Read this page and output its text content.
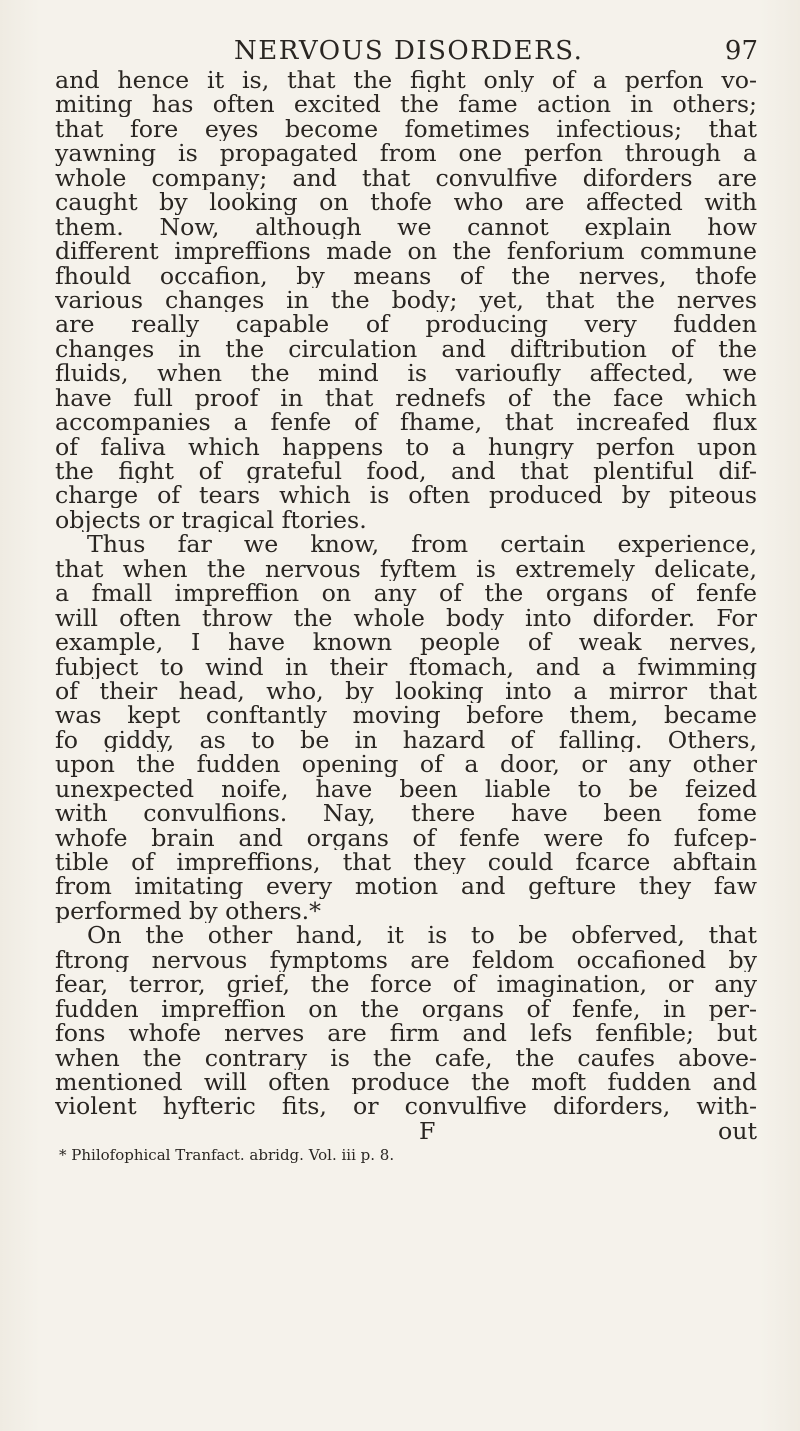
NERVOUS DISORDERS.	97
and hence it is, that the fight only of a perfon vo-
miting has often excited the fame action in others;
that fore eyes become fometimes infectious; that
yawning is propagated from one perfon through a
whole company; and that convulfive diforders are
caught by looking on thofe who are affected with
them. Now, although we cannot explain how
different impreffions made on the fenforium commune
fhould occafion, by means of the nerves, thofe
various changes in the body; yet, that the nerves
are really capable of producing very fudden
changes in the circulation and diftribution of the
fluids, when the mind is varioufly affected, we
have full proof in that rednefs of the face which
accompanies a fenfe of fhame, that increafed flux
of faliva which happens to a hungry perfon upon
the fight of grateful food, and that plentiful dif-
charge of tears which is often produced by piteous
objects or tragical ftories.
Thus far we know, from certain experience,
that when the nervous fyftem is extremely delicate,
a fmall impreffion on any of the organs of fenfe
will often throw the whole body into diforder. For
example, I have known people of weak nerves,
fubject to wind in their ftomach, and a fwimming
of their head, who, by looking into a mirror that
was kept conftantly moving before them, became
fo giddy, as to be in hazard of falling. Others,
upon the fudden opening of a door, or any other
unexpected noife, have been liable to be feized
with convulfions. Nay, there have been fome
whofe brain and organs of fenfe were fo fufcep-
tible of impreffions, that they could fcarce abftain
from imitating every motion and gefture they faw
performed by others.*
On the other hand, it is to be obferved, that
ftrong nervous fymptoms are feldom occafioned by
fear, terror, grief, the force of imagination, or any
fudden impreffion on the organs of fenfe, in per-
fons whofe nerves are firm and lefs fenfible; but
when the contrary is the cafe, the caufes above-
mentioned will often produce the moft fudden and
violent hyfteric fits, or convulfive diforders, with-
F	out
* Philofophical Tranfact. abridg. Vol. iii p. 8.
